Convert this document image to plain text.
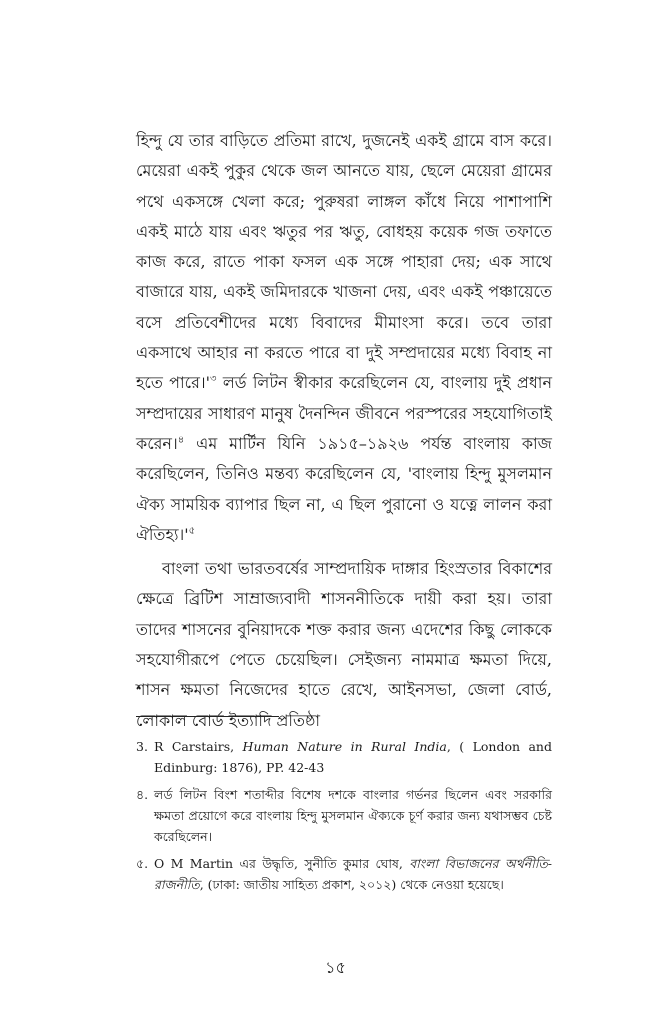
হিন্দু যে তার বাড়িতে প্রতিমা রাখে, দুজনেই একই গ্রামে বাস করে। মেয়েরা একই পুকুর থেকে জল আনতে যায়, ছেলে মেয়েরা গ্রামের পথে একসঙ্গে খেলা করে; পুরুষরা লাঙ্গল কাঁধে নিয়ে পাশাপাশি একই মাঠে যায় এবং ঋতুর পর ঋতু, বোধহয় কয়েক গজ তফাতে কাজ করে, রাতে পাকা ফসল এক সঙ্গে পাহারা দেয়; এক সাথে বাজারে যায়, একই জমিদারকে খাজনা দেয়, এবং একই পঞ্চায়েতে বসে প্রতিবেশীদের মধ্যে বিবাদের মীমাংসা করে। তবে তারা একসাথে আহার না করতে পারে বা দুই সম্প্রদায়ের মধ্যে বিবাহ না হতে $পারে।'^৩$ লর্ড লিটন স্বীকার করেছিলেন যে, বাংলায় দুই প্রধান সম্প্রদায়ের সাধারণ মানুষ দৈনন্দিন জীবনে পরস্পরের সহযোগিতাই করেন।$^৪$ এম মার্টিন যিনি ১৯১৫–১৯২৬ পর্যন্ত বাংলায় কাজ করেছিলেন, তিনিও মন্তব্য করেছিলেন যে, 'বাংলায় হিন্দু মুসলমান ঐক্য সাময়িক ব্যাপার ছিল না, এ ছিল পুরানো ও যত্নে লালন করা $ঐতিহ্য।'^৫$

বাংলা তথা ভারতবর্ষের সাম্প্রদায়িক দাঙ্গার হিংস্রতার বিকাশের ক্ষেত্রে ব্রিটিশ সাম্রাজ্যবাদী শাসননীতিকে দায়ী করা হয়। তারা তাদের শাসনের বুনিয়াদকে শক্ত করার জন্য এদেশের কিছু লোককে সহযোগীরূপে পেতে চেয়েছিল। সেইজন্য নামমাত্র ক্ষমতা দিয়ে, শাসন ক্ষমতা নিজেদের হাতে রেখে, আইনসভা, জেলা বোর্ড, লোকাল বোর্ড ইত্যাদি প্রতিষ্ঠা

3. R Carstairs, Human Nature in Rural India, ( London and Edinburg: 1876), PP. 42-43
৪. লর্ড লিটন বিংশ শতাব্দীর বিশেষ দশকে বাংলার গর্ভনর ছিলেন এবং সরকারি ক্ষমতা প্রয়োগে করে বাংলায় হিন্দু মুসলমান ঐক্যকে চূর্ণ করার জন্য যথাসম্ভব চেষ্ট করেছিলেন।
৫. O M Martin এর উদ্ধৃতি, সুনীতি কুমার ঘোষ, বাংলা বিভাজনের অর্থনীতি-রাজনীতি, (ঢাকা: জাতীয় সাহিত্য প্রকাশ, ২০১২) থেকে নেওয়া হয়েছে।
১৫
